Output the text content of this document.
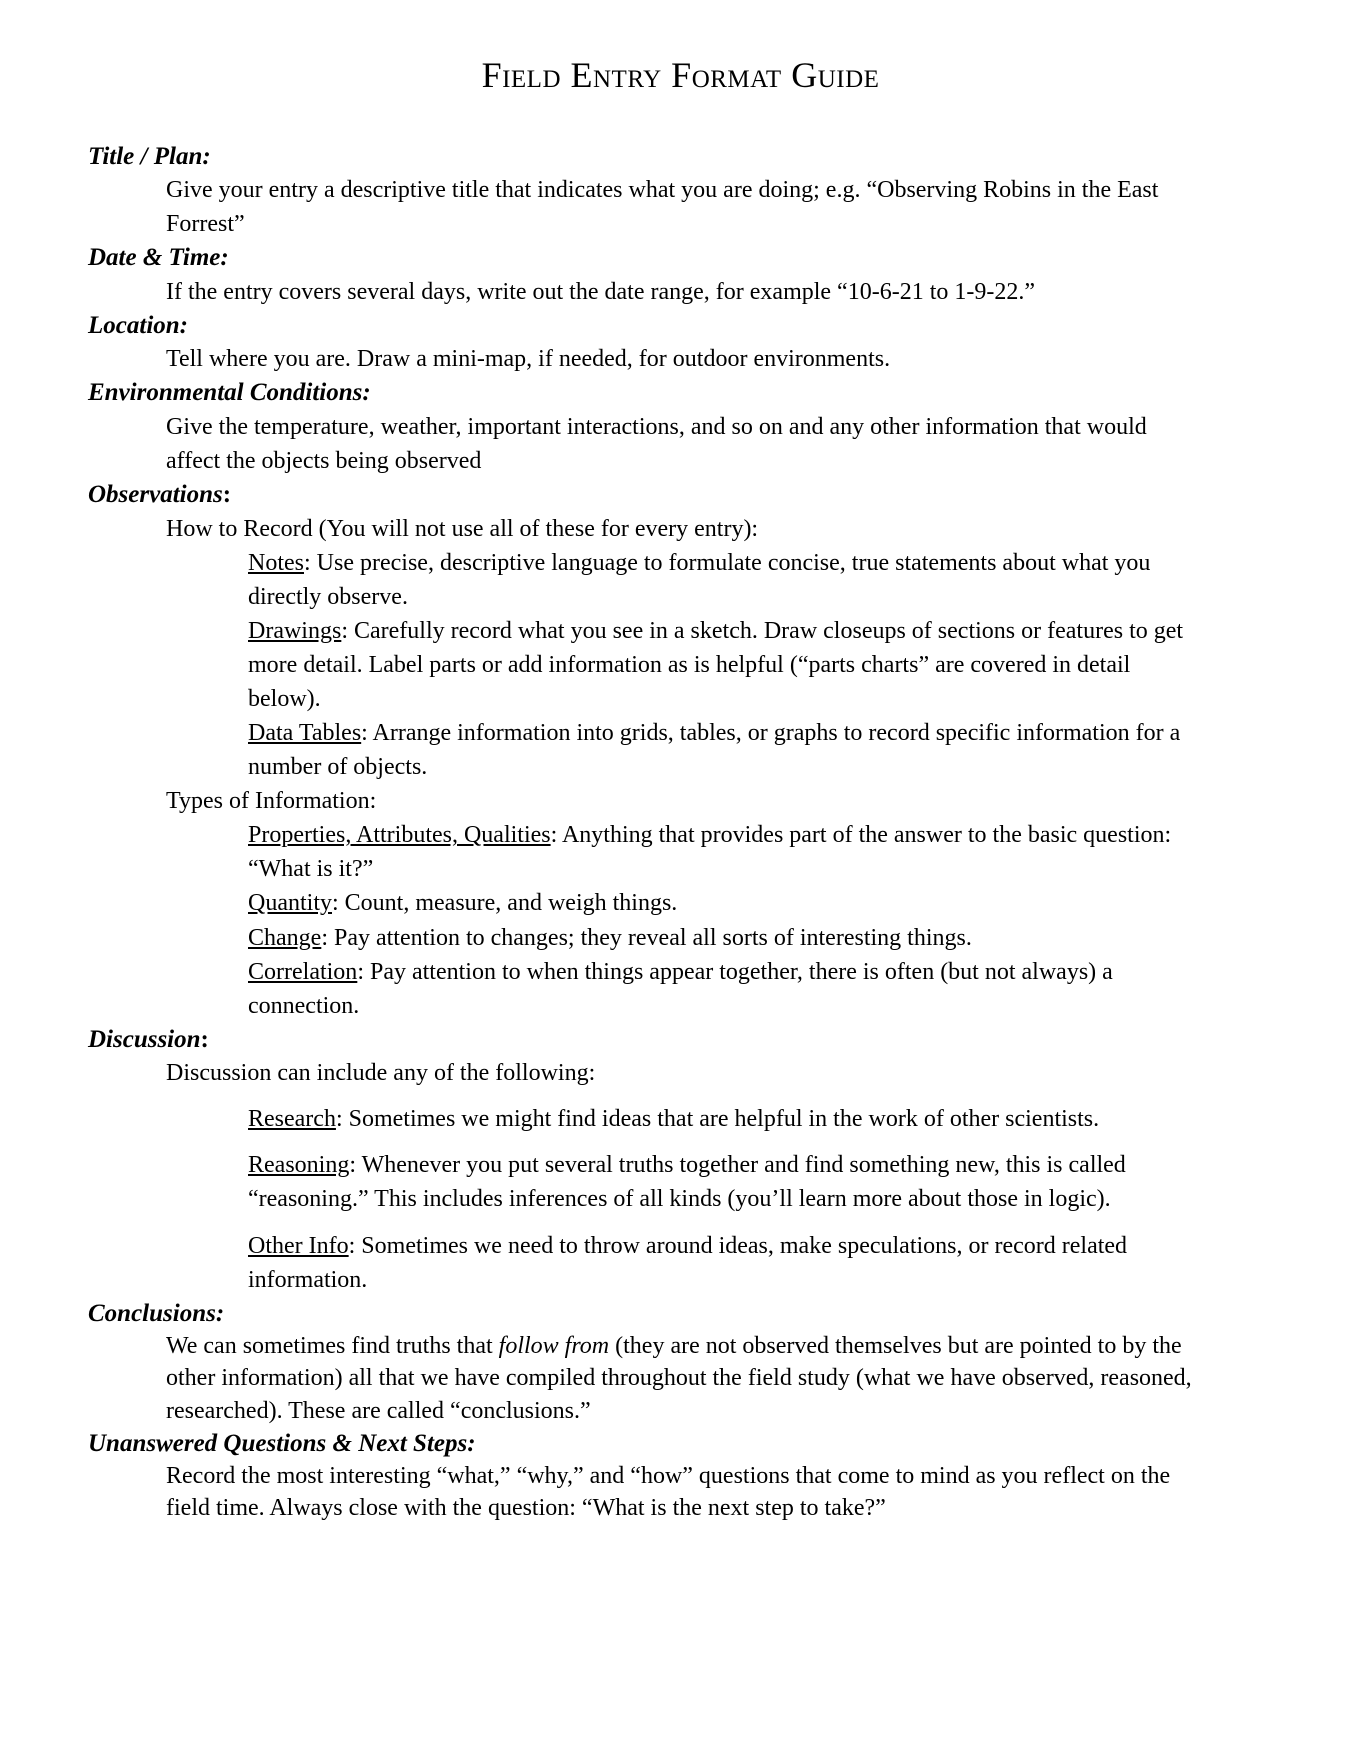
Field Entry Format Guide
Title / Plan:
Give your entry a descriptive title that indicates what you are doing; e.g. “Observing Robins in the East Forrest”
Date & Time:
If the entry covers several days, write out the date range, for example “10-6-21 to 1-9-22.”
Location:
Tell where you are. Draw a mini-map, if needed, for outdoor environments.
Environmental Conditions:
Give the temperature, weather, important interactions, and so on and any other information that would affect the objects being observed
Observations:
How to Record (You will not use all of these for every entry):
Notes: Use precise, descriptive language to formulate concise, true statements about what you directly observe.
Drawings: Carefully record what you see in a sketch. Draw closeups of sections or features to get more detail. Label parts or add information as is helpful (“parts charts” are covered in detail below).
Data Tables: Arrange information into grids, tables, or graphs to record specific information for a number of objects.
Types of Information:
Properties, Attributes, Qualities: Anything that provides part of the answer to the basic question: “What is it?”
Quantity: Count, measure, and weigh things.
Change: Pay attention to changes; they reveal all sorts of interesting things.
Correlation: Pay attention to when things appear together, there is often (but not always) a connection.
Discussion:
Discussion can include any of the following:
Research: Sometimes we might find ideas that are helpful in the work of other scientists.
Reasoning: Whenever you put several truths together and find something new, this is called “reasoning.” This includes inferences of all kinds (you’ll learn more about those in logic).
Other Info: Sometimes we need to throw around ideas, make speculations, or record related information.
Conclusions:
We can sometimes find truths that follow from (they are not observed themselves but are pointed to by the other information) all that we have compiled throughout the field study (what we have observed, reasoned, researched). These are called “conclusions.”
Unanswered Questions & Next Steps:
Record the most interesting “what,” “why,” and “how” questions that come to mind as you reflect on the field time. Always close with the question: “What is the next step to take?”
